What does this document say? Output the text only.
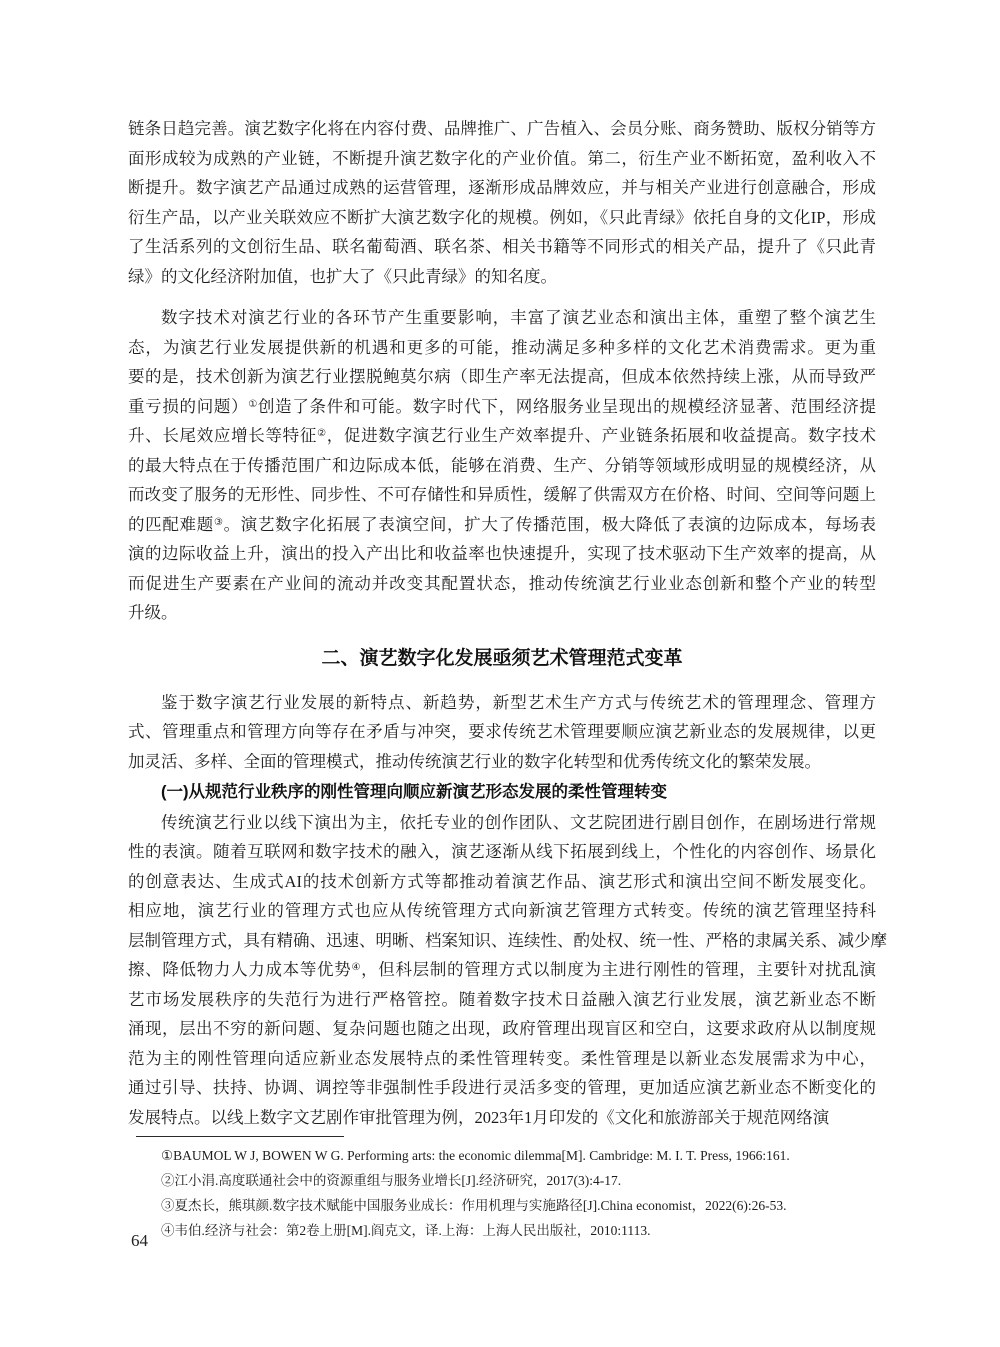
链条日趋完善。演艺数字化将在内容付费、品牌推广、广告植入、会员分账、商务赞助、版权分销等方
面形成较为成熟的产业链，不断提升演艺数字化的产业价值。第二，衍生产业不断拓宽，盈利收入不
断提升。数字演艺产品通过成熟的运营管理，逐渐形成品牌效应，并与相关产业进行创意融合，形成
衍生产品，以产业关联效应不断扩大演艺数字化的规模。例如，《只此青绿》依托自身的文化IP，形成
了生活系列的文创衍生品、联名葡萄酒、联名茶、相关书籍等不同形式的相关产品，提升了《只此青
绿》的文化经济附加值，也扩大了《只此青绿》的知名度。
数字技术对演艺行业的各环节产生重要影响，丰富了演艺业态和演出主体，重塑了整个演艺生
态，为演艺行业发展提供新的机遇和更多的可能，推动满足多种多样的文化艺术消费需求。更为重
要的是，技术创新为演艺行业摆脱鲍莫尔病（即生产率无法提高，但成本依然持续上涨，从而导致严
重亏损的问题）①创造了条件和可能。数字时代下，网络服务业呈现出的规模经济显著、范围经济提
升、长尾效应增长等特征②，促进数字演艺行业生产效率提升、产业链条拓展和收益提高。数字技术
的最大特点在于传播范围广和边际成本低，能够在消费、生产、分销等领域形成明显的规模经济，从
而改变了服务的无形性、同步性、不可存储性和异质性，缓解了供需双方在价格、时间、空间等问题上
的匹配难题③。演艺数字化拓展了表演空间，扩大了传播范围，极大降低了表演的边际成本，每场表
演的边际收益上升，演出的投入产出比和收益率也快速提升，实现了技术驱动下生产效率的提高，从
而促进生产要素在产业间的流动并改变其配置状态，推动传统演艺行业业态创新和整个产业的转型
升级。
二、演艺数字化发展亟须艺术管理范式变革
鉴于数字演艺行业发展的新特点、新趋势，新型艺术生产方式与传统艺术的管理理念、管理方
式、管理重点和管理方向等存在矛盾与冲突，要求传统艺术管理要顺应演艺新业态的发展规律，以更
加灵活、多样、全面的管理模式，推动传统演艺行业的数字化转型和优秀传统文化的繁荣发展。
(一)从规范行业秩序的刚性管理向顺应新演艺形态发展的柔性管理转变
传统演艺行业以线下演出为主，依托专业的创作团队、文艺院团进行剧目创作，在剧场进行常规
性的表演。随着互联网和数字技术的融入，演艺逐渐从线下拓展到线上，个性化的内容创作、场景化
的创意表达、生成式AI的技术创新方式等都推动着演艺作品、演艺形式和演出空间不断发展变化。
相应地，演艺行业的管理方式也应从传统管理方式向新演艺管理方式转变。传统的演艺管理坚持科
层制管理方式，具有精确、迅速、明晰、档案知识、连续性、酌处权、统一性、严格的隶属关系、减少摩
擦、降低物力人力成本等优势④，但科层制的管理方式以制度为主进行刚性的管理，主要针对扰乱演
艺市场发展秩序的失范行为进行严格管控。随着数字技术日益融入演艺行业发展，演艺新业态不断
涌现，层出不穷的新问题、复杂问题也随之出现，政府管理出现盲区和空白，这要求政府从以制度规
范为主的刚性管理向适应新业态发展特点的柔性管理转变。柔性管理是以新业态发展需求为中心，
通过引导、扶持、协调、调控等非强制性手段进行灵活多变的管理，更加适应演艺新业态不断变化的
发展特点。以线上数字文艺剧作审批管理为例，2023年1月印发的《文化和旅游部关于规范网络演
①BAUMOL W J, BOWEN W G. Performing arts: the economic dilemma[M]. Cambridge: M. I. T. Press, 1966:161.
②江小涓.高度联通社会中的资源重组与服务业增长[J].经济研究，2017(3):4-17.
③夏杰长，熊琪颜.数字技术赋能中国服务业成长：作用机理与实施路径[J].China economist，2022(6):26-53.
④韦伯.经济与社会：第2卷上册[M].阎克文，译.上海：上海人民出版社，2010:1113.
64
